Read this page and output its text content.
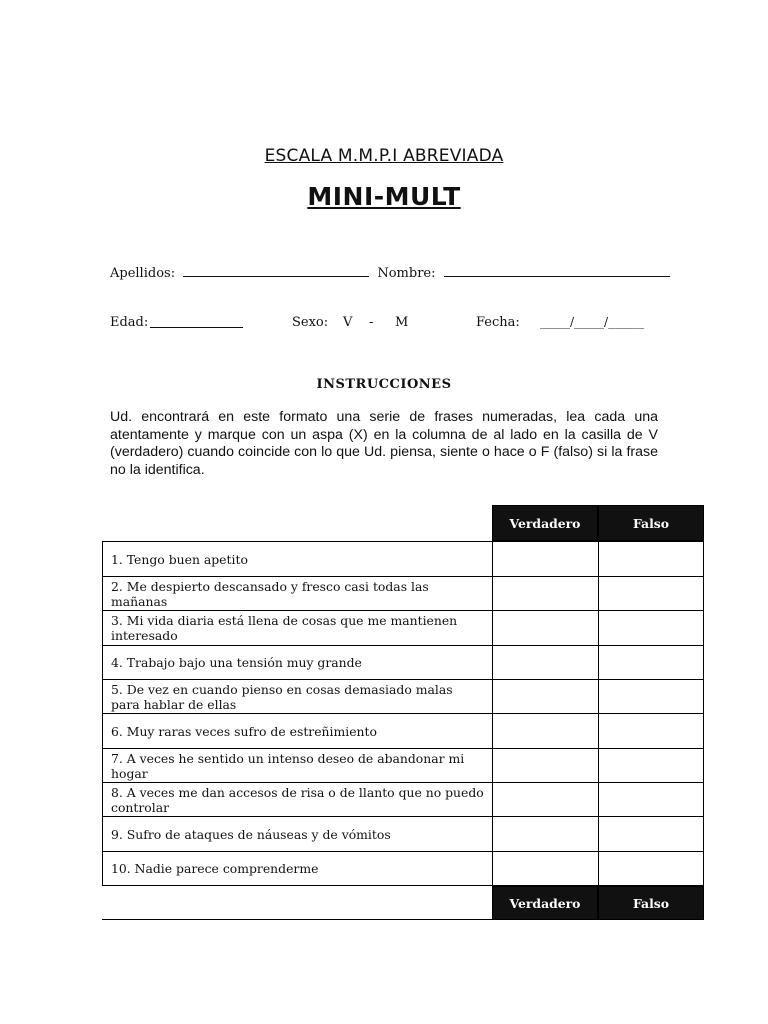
ESCALA M.M.P.I ABREVIADA
MINI-MULT
Apellidos:	Nombre:
Edad:	Sexo: V - M	Fecha: _____/_____/______
INSTRUCCIONES
Ud. encontrará en este formato una serie de frases numeradas, lea cada una atentamente y marque con un aspa (X) en la columna de al lado en la casilla de V (verdadero) cuando coincide con lo que Ud. piensa, siente o hace o F (falso) si la frase no la identifica.
Verdadero	Falso
1. Tengo buen apetito
2. Me despierto descansado y fresco casi todas las mañanas
3. Mi vida diaria está llena de cosas que me mantienen interesado
4. Trabajo bajo una tensión muy grande
5. De vez en cuando pienso en cosas demasiado malas para hablar de ellas
6. Muy raras veces sufro de estreñimiento
7. A veces he sentido un intenso deseo de abandonar mi hogar
8. A veces me dan accesos de risa o de llanto que no puedo controlar
9. Sufro de ataques de náuseas y de vómitos
10. Nadie parece comprenderme
Verdadero	Falso
